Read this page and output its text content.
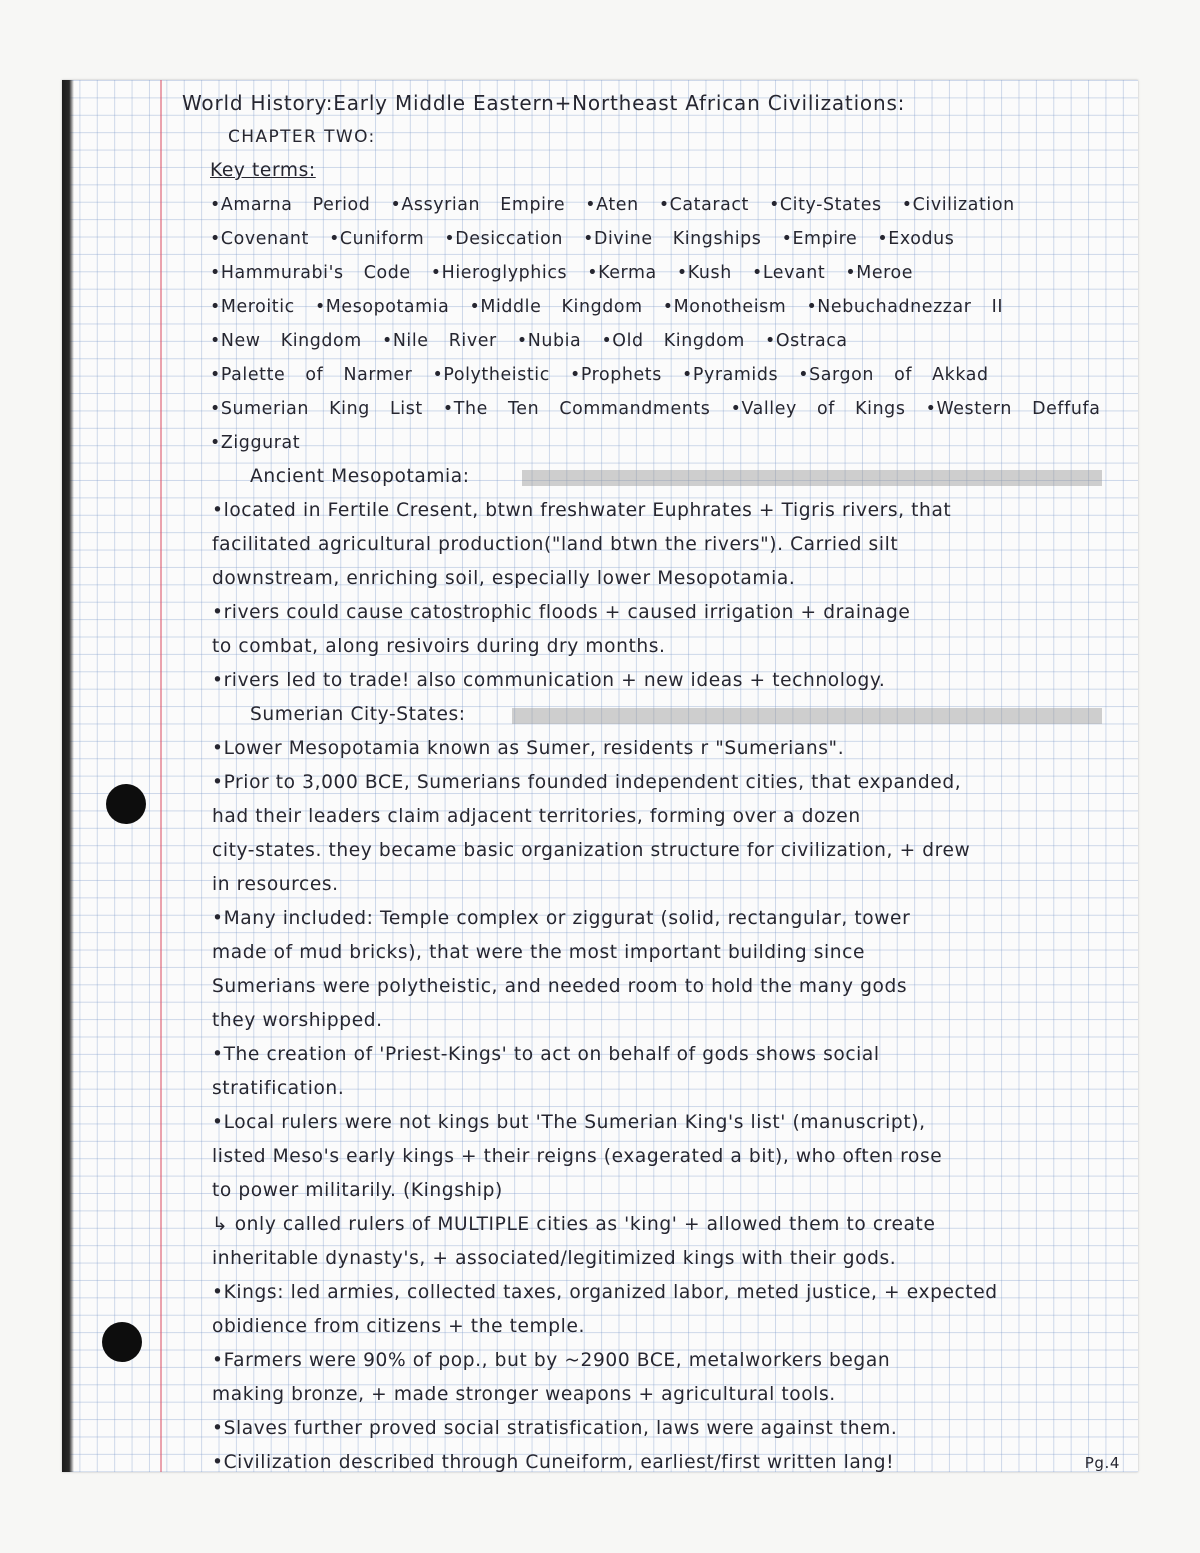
World History:Early Middle Eastern+Northeast African Civilizations:
CHAPTER TWO:
Key terms:
•Amarna Period •Assyrian Empire •Aten •Cataract •City-States •Civilization
•Covenant •Cuniform •Desiccation •Divine Kingships •Empire •Exodus
•Hammurabi's Code •Hieroglyphics •Kerma •Kush •Levant •Meroe
•Meroitic •Mesopotamia •Middle Kingdom •Monotheism •Nebuchadnezzar II
•New Kingdom •Nile River •Nubia •Old Kingdom •Ostraca
•Palette of Narmer •Polytheistic •Prophets •Pyramids •Sargon of Akkad
•Sumerian King List •The Ten Commandments •Valley of Kings •Western Deffufa
•Ziggurat
Ancient Mesopotamia:
•located in Fertile Cresent, btwn freshwater Euphrates + Tigris rivers, that
facilitated agricultural production("land btwn the rivers"). Carried silt
downstream, enriching soil, especially lower Mesopotamia.
•rivers could cause catostrophic floods + caused irrigation + drainage
to combat, along resivoirs during dry months.
•rivers led to trade! also communication + new ideas + technology.
Sumerian City-States:
•Lower Mesopotamia known as Sumer, residents r "Sumerians".
•Prior to 3,000 BCE, Sumerians founded independent cities, that expanded,
had their leaders claim adjacent territories, forming over a dozen
city-states. they became basic organization structure for civilization, + drew
in resources.
•Many included: Temple complex or ziggurat (solid, rectangular, tower
made of mud bricks), that were the most important building since
Sumerians were polytheistic, and needed room to hold the many gods
they worshipped.
•The creation of 'Priest-Kings' to act on behalf of gods shows social
stratification.
•Local rulers were not kings but 'The Sumerian King's list' (manuscript),
listed Meso's early kings + their reigns (exagerated a bit), who often rose
to power militarily. (Kingship)
↳ only called rulers of MULTIPLE cities as 'king' + allowed them to create
inheritable dynasty's, + associated/legitimized kings with their gods.
•Kings: led armies, collected taxes, organized labor, meted justice, + expected
obidience from citizens + the temple.
•Farmers were 90% of pop., but by ~2900 BCE, metalworkers began
making bronze, + made stronger weapons + agricultural tools.
•Slaves further proved social stratisfication, laws were against them.
•Civilization described through Cuneiform, earliest/first written lang!	Pg.4
